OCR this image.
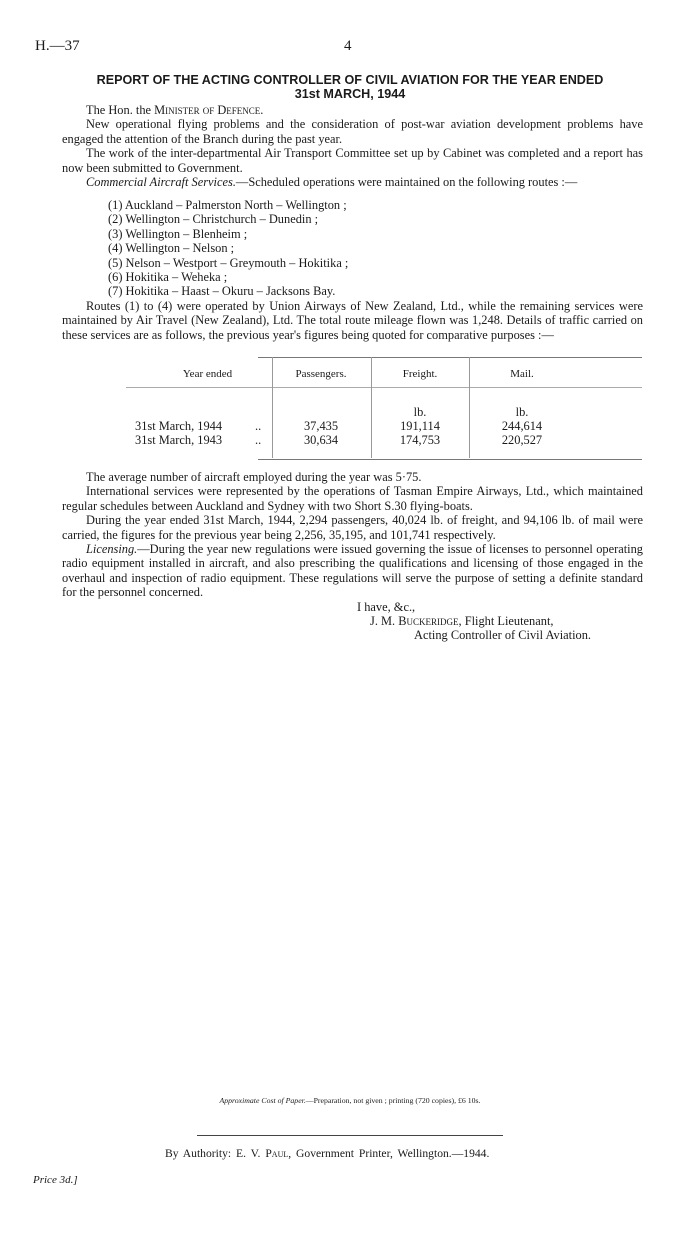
H.—37	4
REPORT OF THE ACTING CONTROLLER OF CIVIL AVIATION FOR THE YEAR ENDED
31st MARCH, 1944

The Hon. the Minister of Defence.

New operational flying problems and the consideration of post-war aviation development problems have engaged the attention of the Branch during the past year.

The work of the inter-departmental Air Transport Committee set up by Cabinet was completed and a report has now been submitted to Government.

Commercial Aircraft Services.—Scheduled operations were maintained on the following routes :—

(1) Auckland – Palmerston North – Wellington ;
(2) Wellington – Christchurch – Dunedin ;
(3) Wellington – Blenheim ;
(4) Wellington – Nelson ;
(5) Nelson – Westport – Greymouth – Hokitika ;
(6) Hokitika – Weheka ;
(7) Hokitika – Haast – Okuru – Jacksons Bay.

Routes (1) to (4) were operated by Union Airways of New Zealand, Ltd., while the remaining services were maintained by Air Travel (New Zealand), Ltd. The total route mileage flown was 1,248. Details of traffic carried on these services are as follows, the previous year's figures being quoted for comparative purposes :—

Year ended	Passengers.	Freight.	Mail.
lb.	lb.
31st March, 1944	..	37,435	191,114	244,614
31st March, 1943	..	30,634	174,753	220,527

The average number of aircraft employed during the year was 5·75.

International services were represented by the operations of Tasman Empire Airways, Ltd., which maintained regular schedules between Auckland and Sydney with two Short S.30 flying-boats.

During the year ended 31st March, 1944, 2,294 passengers, 40,024 lb. of freight, and 94,106 lb. of mail were carried, the figures for the previous year being 2,256, 35,195, and 101,741 respectively.

Licensing.—During the year new regulations were issued governing the issue of licenses to personnel operating radio equipment installed in aircraft, and also prescribing the qualifications and licensing of those engaged in the overhaul and inspection of radio equipment. These regulations will serve the purpose of setting a definite standard for the personnel concerned.

I have, &c.,
J. M. Buckeridge, Flight Lieutenant,
Acting Controller of Civil Aviation.
Approximate Cost of Paper.—Preparation, not given ; printing (720 copies), £6 10s.
By Authority: E. V. Paul, Government Printer, Wellington.—1944.
Price 3d.]
